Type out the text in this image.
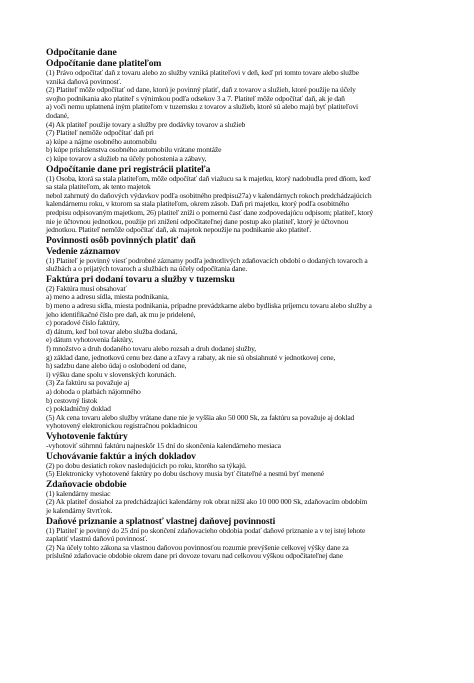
Odpočítanie dane
Odpočítanie dane platiteľom
(1) Právo odpočítať daň z tovaru alebo zo služby vzniká platiteľovi v deň, keď pri tomto tovare alebo službe
vzniká daňová povinnosť.
(2) Platiteľ môže odpočítať od dane, ktorú je povinný platiť, daň z tovarov a služieb, ktoré použije na účely
svojho podnikania ako platiteľ s výnimkou podľa odsekov 3 a 7. Platiteľ môže odpočítať daň, ak je daň
a) voči nemu uplatnená iným platiteľom v tuzemsku z tovarov a služieb, ktoré sú alebo majú byť platiteľovi
dodané,
(4) Ak platiteľ použije tovary a služby pre dodávky tovarov a služieb
(7) Platiteľ nemôže odpočítať daň pri
a) kúpe a nájme osobného automobilu
b) kúpe príslušenstva osobného automobilu vrátane montáže
c) kúpe tovarov a služieb na účely pohostenia a zábavy,
Odpočítanie dane pri registrácii platiteľa
(1) Osoba, ktorá sa stala platiteľom, môže odpočítať daň viažucu sa k majetku, ktorý nadobudla pred dňom, keď
sa stala platiteľom, ak tento majetok
nebol zahrnutý do daňových výdavkov podľa osobitného predpisu27a) v kalendárnych rokoch predchádzajúcich
kalendárnemu roku, v ktorom sa stala platiteľom, okrem zásob. Daň pri majetku, ktorý podľa osobitného
predpisu odpisovaným majetkom, 26) platiteľ zníži o pomernú časť dane zodpovedajúcu odpisom; platiteľ, ktorý
nie je účtovnou jednotkou, použije pri znížení odpočítateľnej dane postup ako platiteľ, ktorý je účtovnou
jednotkou. Platiteľ nemôže odpočítať daň, ak majetok nepoužije na podnikanie ako platiteľ.
Povinnosti osôb povinných platiť daň
Vedenie záznamov
(1) Platiteľ je povinný viesť podrobné záznamy podľa jednotlivých zdaňovacích období o dodaných tovaroch a
službách a o prijatých tovaroch a službách na účely odpočítania dane.
Faktúra pri dodaní tovaru a služby v tuzemsku
(2) Faktúra musí obsahovať
a) meno a adresu sídla, miesta podnikania,
b) meno a adresu sídla, miesta podnikania, prípadne prevádzkarne alebo bydliska príjemcu tovaru alebo služby a
jeho identifikačné číslo pre daň, ak mu je pridelené,
c) poradové číslo faktúry,
d) dátum, keď bol tovar alebo služba dodaná,
e) dátum vyhotovenia faktúry,
f) množstvo a druh dodaného tovaru alebo rozsah a druh dodanej služby,
g) základ dane, jednotkovú cenu bez dane a zľavy a rabaty, ak nie sú obsiahnuté v jednotkovej cene,
h) sadzbu dane alebo údaj o oslobodení od dane,
i) výšku dane spolu v slovenských korunách.
(3) Za faktúru sa považuje aj
a) dohoda o platbách nájomného
b) cestovný lístok
c) pokladničný doklad
(5) Ak cena tovaru alebo služby vrátane dane nie je vyššia ako 50 000 Sk, za faktúru sa považuje aj doklad
vyhotovený elektronickou registračnou pokladnicou
Vyhotovenie faktúry
-vyhotoviť súhrnnú faktúru najneskôr 15 dní do skončenia kalendárneho mesiaca
Uchovávanie faktúr a iných dokladov
(2) po dobu desiatich rokov nasledujúcich po roku, ktorého sa týkajú.
(5) Elektronicky vyhotovené faktúry po dobu úschovy musia byť čitateľné a nesmú byť menené
Zdaňovacie obdobie
(1) kalendárny mesiac
(2) Ak platiteľ dosiahol za predchádzajúci kalendárny rok obrat nižší ako 10 000 000 Sk, zdaňovacím obdobím
je kalendárny štvrťrok.
Daňové priznanie a splatnosť vlastnej daňovej povinnosti
(1) Platiteľ je povinný do 25 dní po skončení zdaňovacieho obdobia podať daňové priznanie a v tej istej lehote
zaplatiť vlastnú daňovú povinnosť.
(2) Na účely tohto zákona sa vlastnou daňovou povinnosťou rozumie prevýšenie celkovej výšky dane za
príslušné zdaňovacie obdobie okrem dane pri dovoze tovaru nad celkovou výškou odpočítateľnej dane
